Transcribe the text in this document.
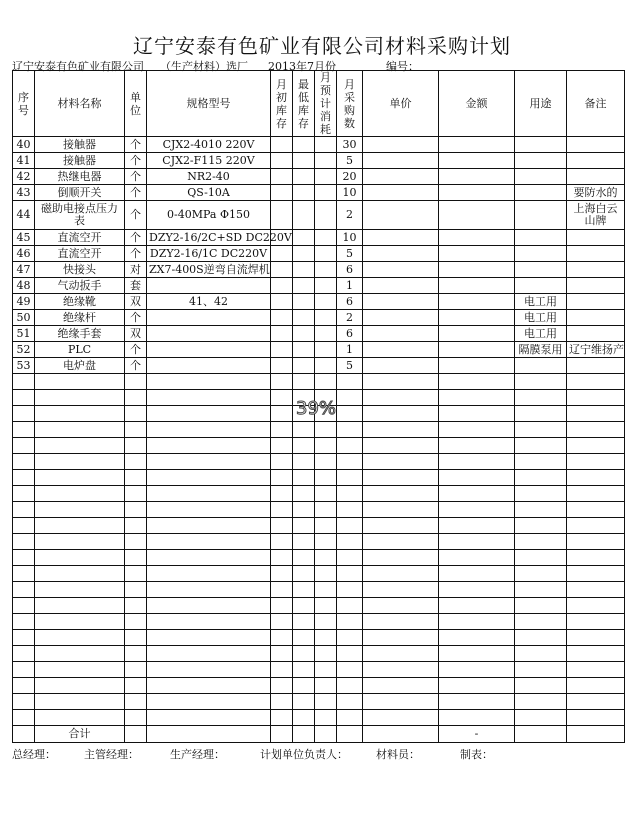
辽宁安泰有色矿业有限公司材料采购计划
辽宁安泰有色矿业有限公司 （生产材料）选厂 2013年7月份	编号：
序号	材料名称	单位	规格型号	月初库存	最低库存	月预计消耗	月采购数	单价	金额	用途	备注
40	接触器	个	CJX2-4010 220V				30				
41	接触器	个	CJX2-F115 220V				5				
42	热继电器	个	NR2-40				20				
43	倒顺开关	个	QS-10A				10				要防水的
44	磁助电接点压力表	个	0-40MPa Φ150				2				上海白云山牌
45	直流空开	个	DZY2-16/2C+SD DC220V				10				
46	直流空开	个	DZY2-16/1C DC220V				5				
47	快接头	对	ZX7-400S逆弯自流焊机				6				
48	气动扳手	套					1				
49	绝缘靴	双	41、42				6			电工用	
50	绝缘杆	个					2			电工用	
51	绝缘手套	双					6			电工用	
52	PLC	个					1			隔膜泵用	辽宁维扬产
53	电炉盘	个					5				

	合计								-		
39%
总经理：	主管经理：	生产经理：	计划单位负责人：	材料员：	制表：
